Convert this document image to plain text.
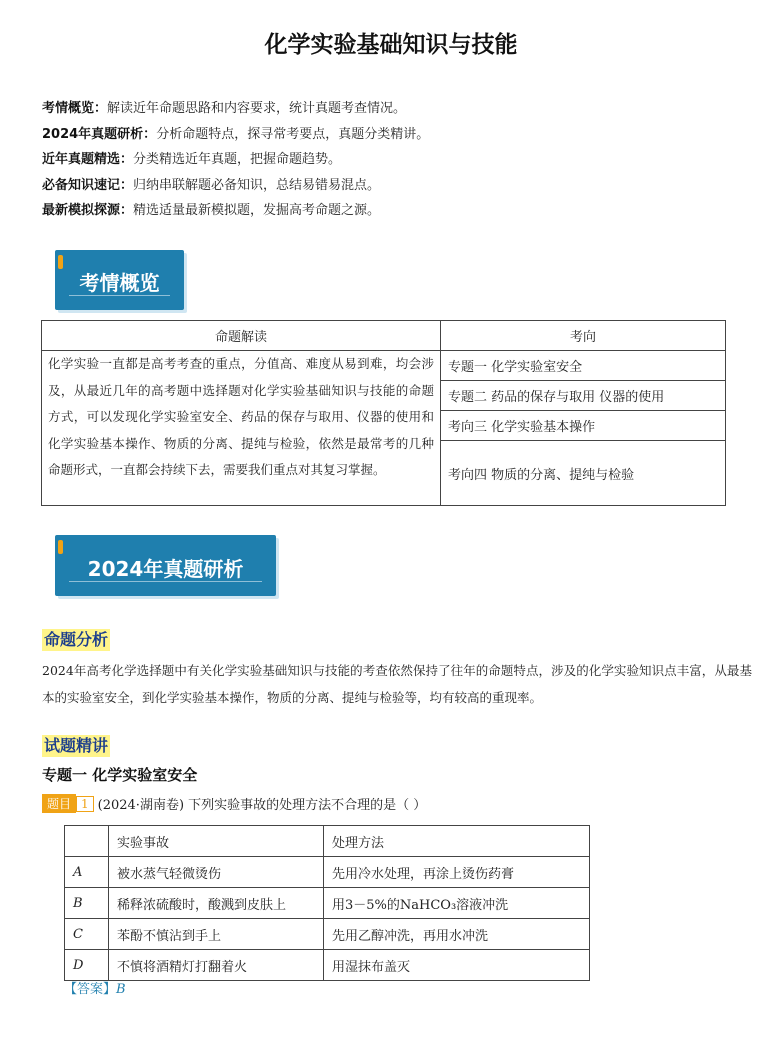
化学实验基础知识与技能
考情概览：解读近年命题思路和内容要求，统计真题考查情况。
2024年真题研析：分析命题特点，探寻常考要点，真题分类精讲。
近年真题精选：分类精选近年真题，把握命题趋势。
必备知识速记：归纳串联解题必备知识，总结易错易混点。
最新模拟探源：精选适量最新模拟题，发掘高考命题之源。
考情概览
命题解读	考向
化学实验一直都是高考考查的重点，分值高、难度从易到难，均会涉及，从最近几年的高考题中选择题对化学实验基础知识与技能的命题方式，可以发现化学实验室安全、药品的保存与取用、仪器的使用和化学实验基本操作、物质的分离、提纯与检验，依然是最常考的几种命题形式，一直都会持续下去，需要我们重点对其复习掌握。	专题一 化学实验室安全
	专题二 药品的保存与取用 仪器的使用
	考向三 化学实验基本操作
	考向四 物质的分离、提纯与检验
2024年真题研析
命题分析
2024年高考化学选择题中有关化学实验基础知识与技能的考查依然保持了往年的命题特点，涉及的化学实验知识点丰富，从最基本的实验室安全，到化学实验基本操作，物质的分离、提纯与检验等，均有较高的重现率。
试题精讲
专题一 化学实验室安全
题目 1 (2024·湖南卷) 下列实验事故的处理方法不合理的是（ ）
	实验事故	处理方法
A	被水蒸气轻微烫伤	先用冷水处理，再涂上烫伤药膏
B	稀释浓硫酸时，酸溅到皮肤上	用3－5%的NaHCO₃溶液冲洗
C	苯酚不慎沾到手上	先用乙醇冲洗，再用水冲洗
D	不慎将酒精灯打翻着火	用湿抹布盖灭
【答案】B
